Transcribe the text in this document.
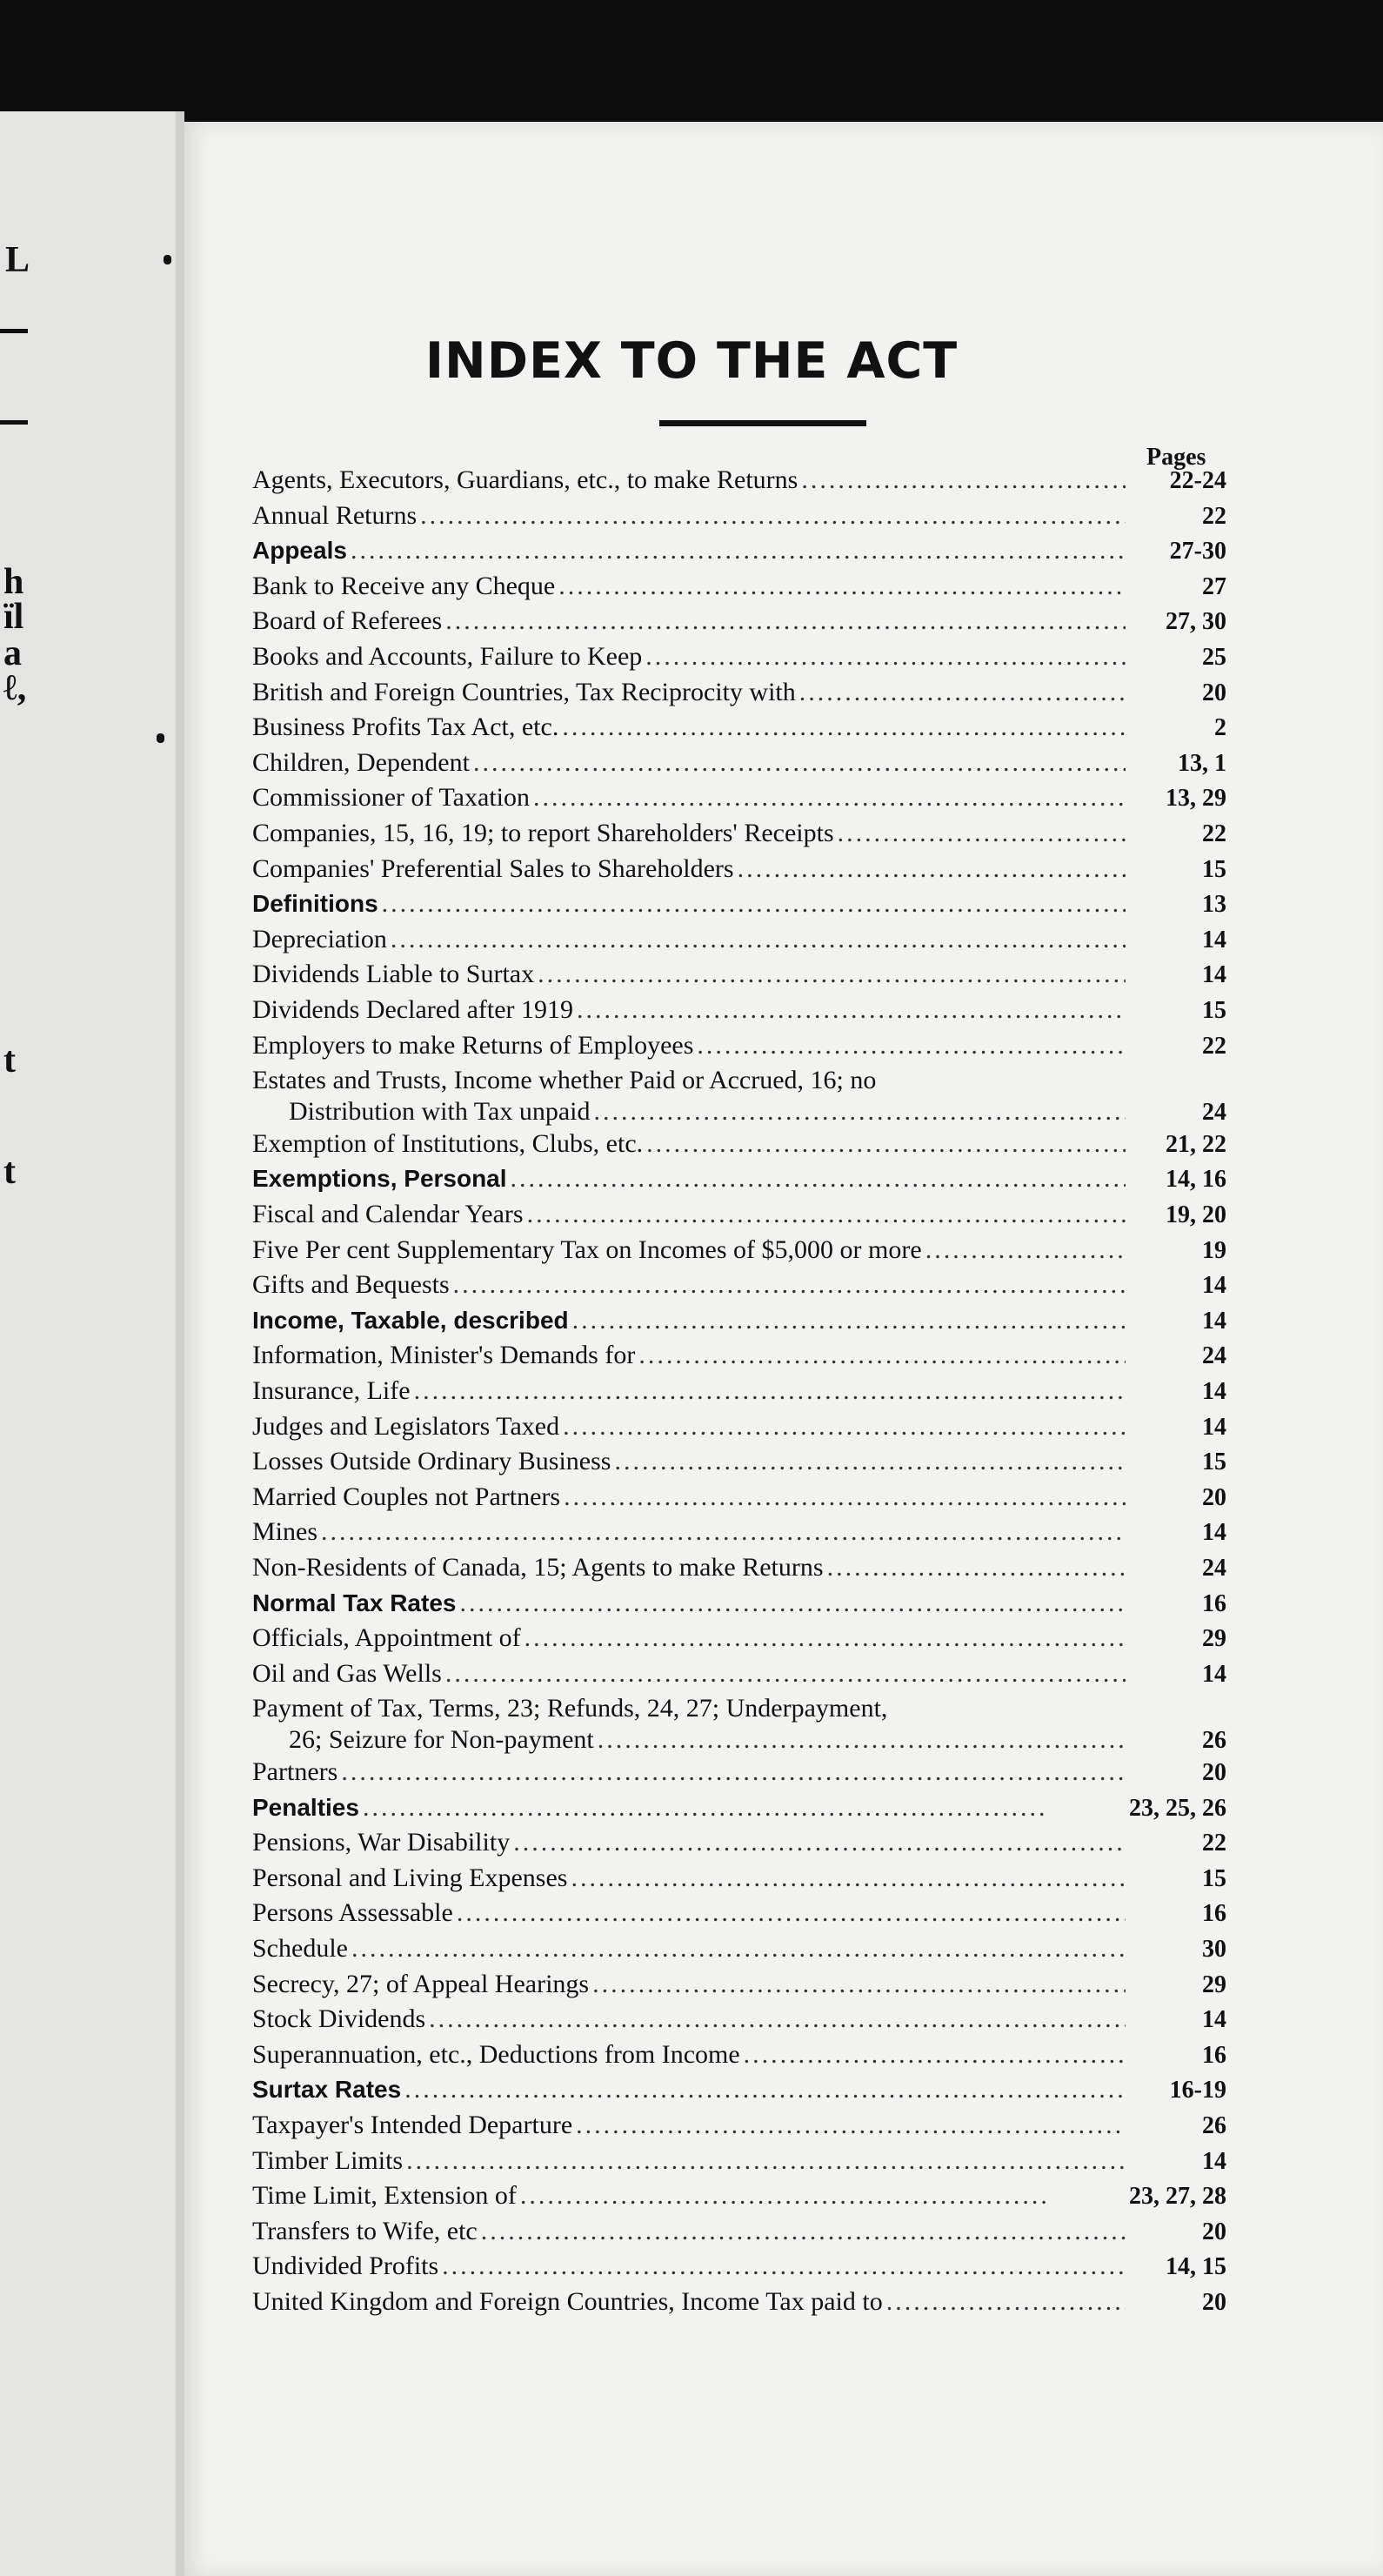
L
h
ïl
a
ℓ,
t
t
INDEX TO THE ACT
Pages
Agents, Executors, Guardians, etc., to make Returns .....	22-24
Annual Returns .....	22
Appeals .....	27-30
Bank to Receive any Cheque .....	27
Board of Referees .....	27, 30
Books and Accounts, Failure to Keep .....	25
British and Foreign Countries, Tax Reciprocity with .....	20
Business Profits Tax Act, etc. .....	2
Children, Dependent .....	13, 1
Commissioner of Taxation .....	13, 29
Companies, 15, 16, 19; to report Shareholders' Receipts .....	22
Companies' Preferential Sales to Shareholders .....	15
Definitions .....	13
Depreciation .....	14
Dividends Liable to Surtax .....	14
Dividends Declared after 1919 .....	15
Employers to make Returns of Employees .....	22
Estates and Trusts, Income whether Paid or Accrued, 16; no
Distribution with Tax unpaid .....	24
Exemption of Institutions, Clubs, etc. .....	21, 22
Exemptions, Personal .....	14, 16
Fiscal and Calendar Years .....	19, 20
Five Per cent Supplementary Tax on Incomes of $5,000 or more .....	19
Gifts and Bequests .....	14
Income, Taxable, described .....	14
Information, Minister's Demands for .....	24
Insurance, Life .....	14
Judges and Legislators Taxed .....	14
Losses Outside Ordinary Business .....	15
Married Couples not Partners .....	20
Mines .....	14
Non-Residents of Canada, 15; Agents to make Returns .....	24
Normal Tax Rates .....	16
Officials, Appointment of .....	29
Oil and Gas Wells .....	14
Payment of Tax, Terms, 23; Refunds, 24, 27; Underpayment,
26; Seizure for Non-payment .....	26
Partners .....	20
Penalties .....	23, 25, 26
Pensions, War Disability .....	22
Personal and Living Expenses .....	15
Persons Assessable .....	16
Schedule .....	30
Secrecy, 27; of Appeal Hearings .....	29
Stock Dividends .....	14
Superannuation, etc., Deductions from Income .....	16
Surtax Rates .....	16-19
Taxpayer's Intended Departure .....	26
Timber Limits .....	14
Time Limit, Extension of .....	23, 27, 28
Transfers to Wife, etc .....	20
Undivided Profits .....	14, 15
United Kingdom and Foreign Countries, Income Tax paid to .....	20
